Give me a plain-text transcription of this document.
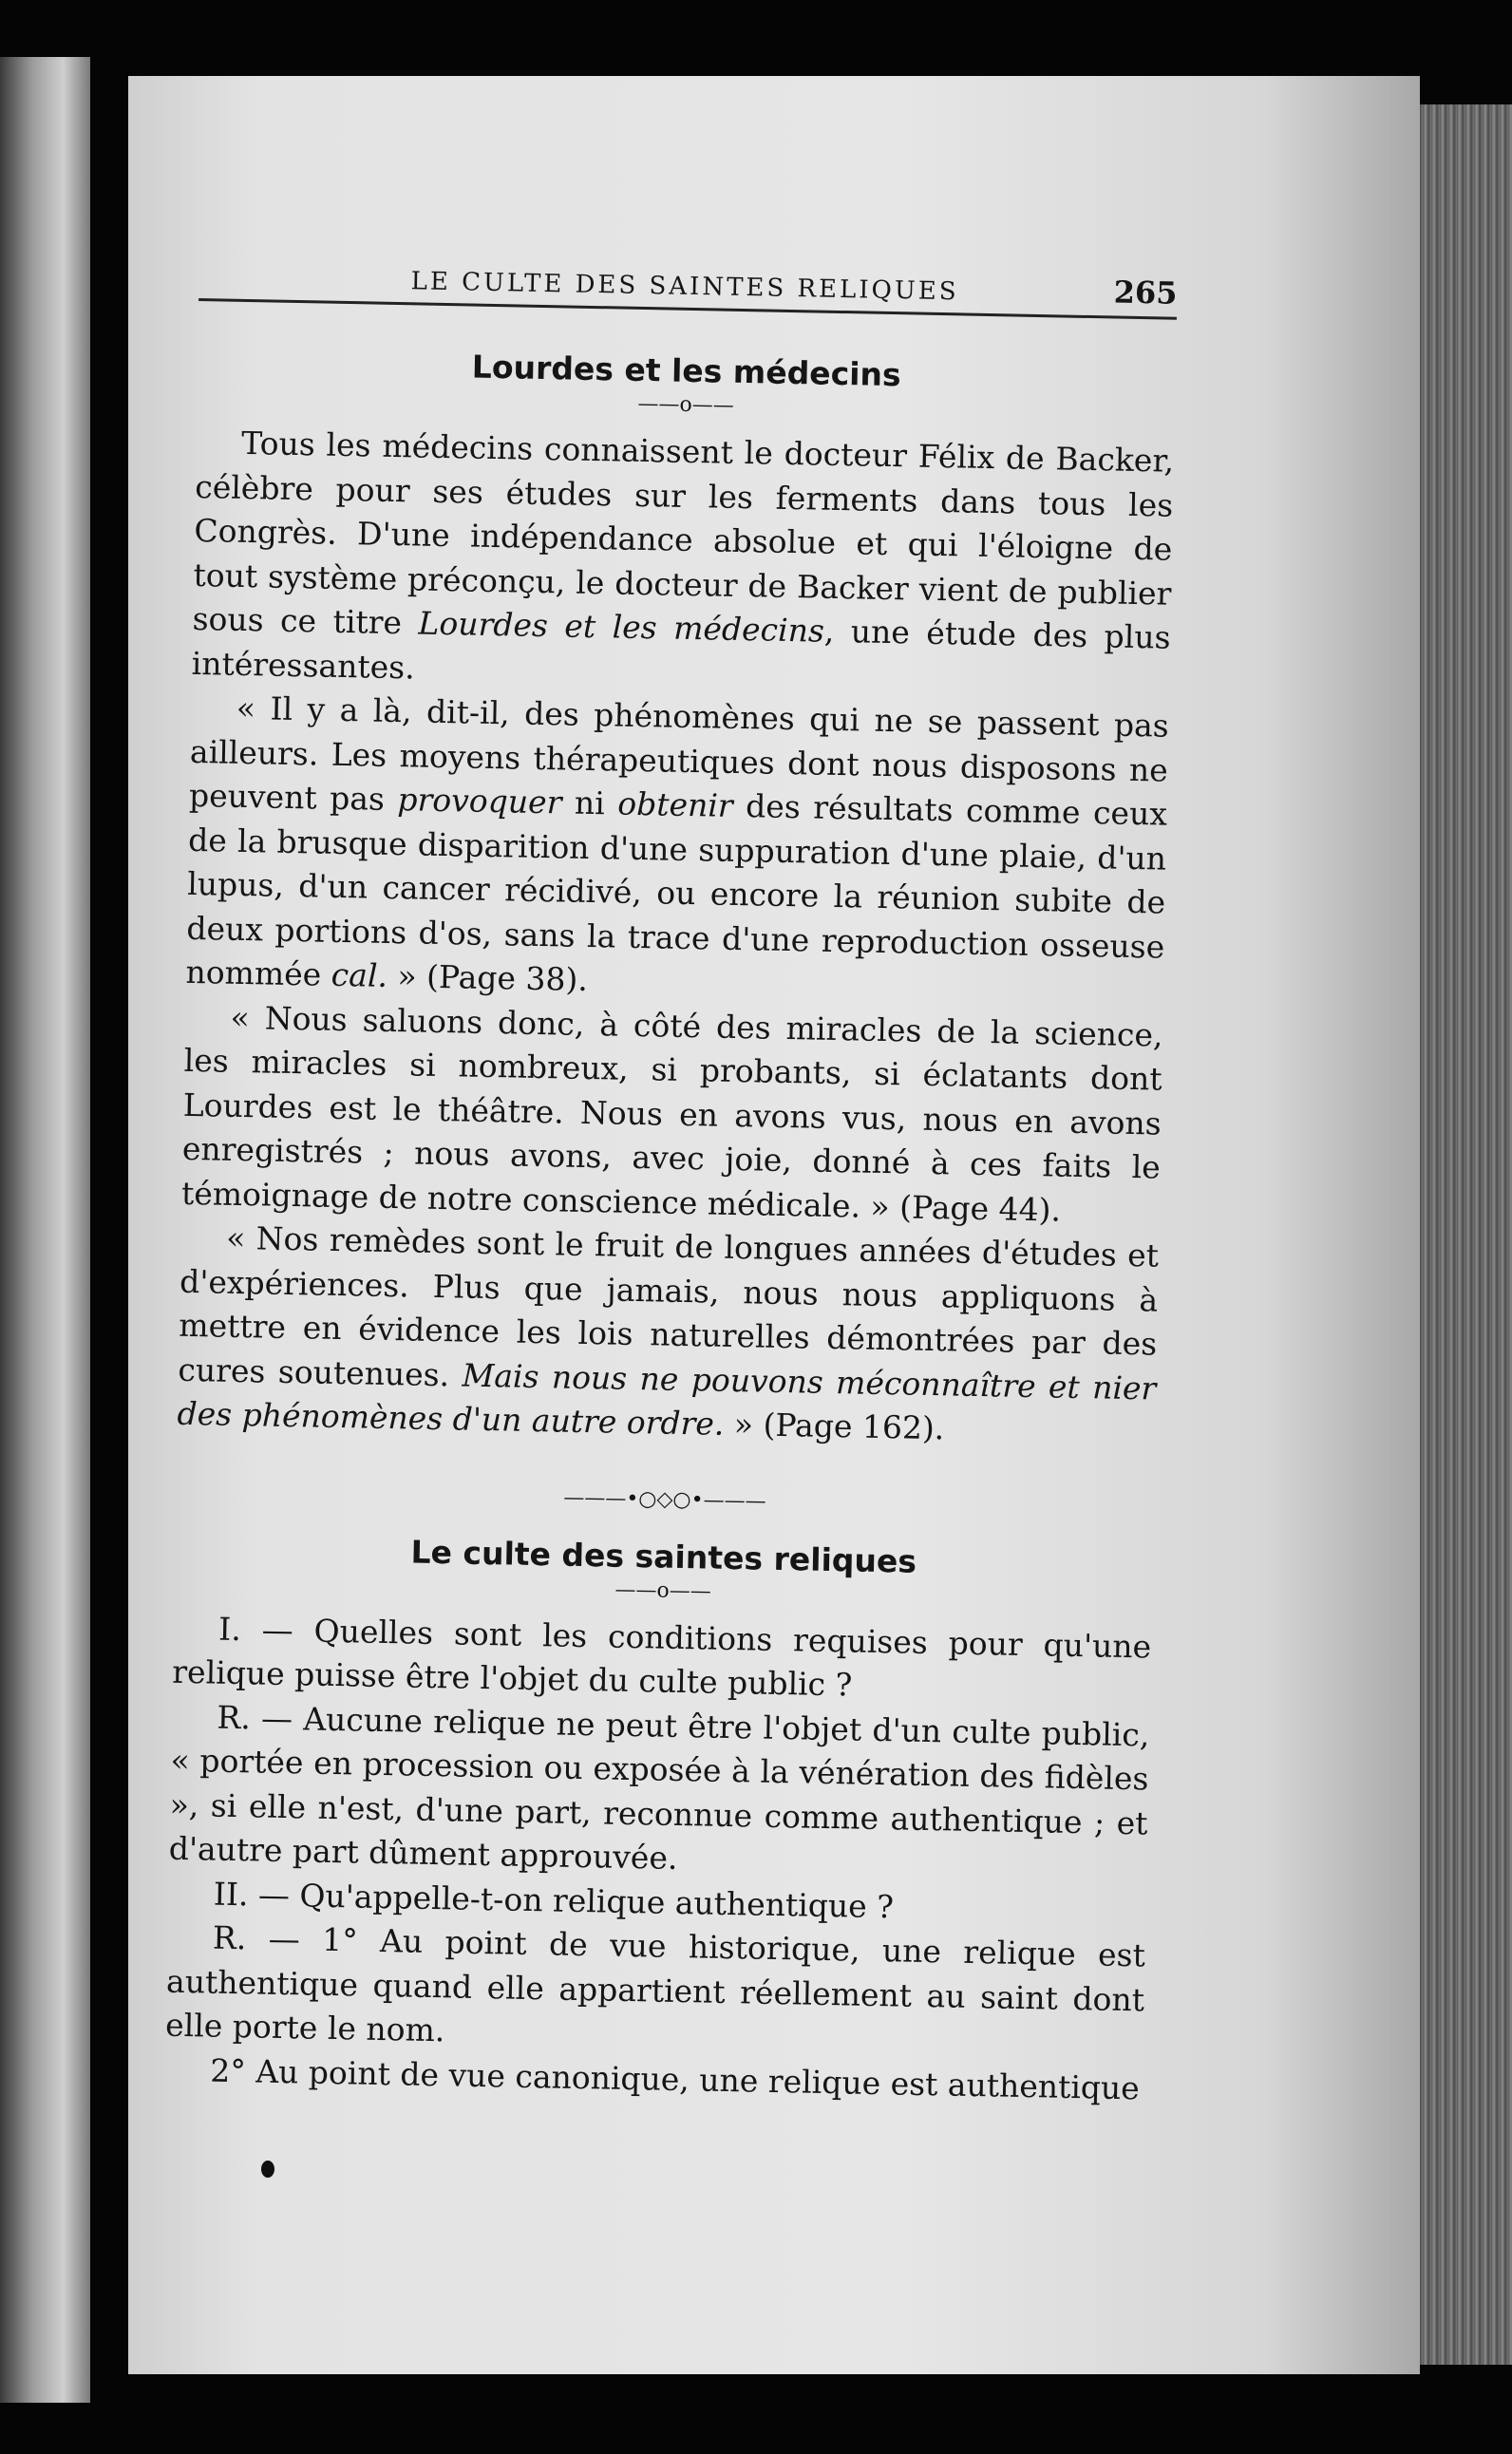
LE CULTE DES SAINTES RELIQUES	265
Lourdes et les médecins
——o——

Tous les médecins connaissent le docteur Félix de Backer, célèbre pour ses études sur les ferments dans tous les Congrès. D'une indépendance absolue et qui l'éloigne de tout système préconçu, le docteur de Backer vient de publier sous ce titre Lourdes et les médecins, une étude des plus intéressantes.

« Il y a là, dit-il, des phénomènes qui ne se passent pas ailleurs. Les moyens thérapeutiques dont nous disposons ne peuvent pas provoquer ni obtenir des résultats comme ceux de la brusque disparition d'une suppuration d'une plaie, d'un lupus, d'un cancer récidivé, ou encore la réunion subite de deux portions d'os, sans la trace d'une reproduction osseuse nommée cal. » (Page 38).

« Nous saluons donc, à côté des miracles de la science, les miracles si nombreux, si probants, si éclatants dont Lourdes est le théâtre. Nous en avons vus, nous en avons enregistrés ; nous avons, avec joie, donné à ces faits le témoignage de notre conscience médicale. » (Page 44).

« Nos remèdes sont le fruit de longues années d'études et d'expériences. Plus que jamais, nous nous appliquons à mettre en évidence les lois naturelles démontrées par des cures soutenues. Mais nous ne pouvons méconnaître et nier des phénomènes d'un autre ordre. » (Page 162).

———•○◇○•———
Le culte des saintes reliques
——o——

I. — Quelles sont les conditions requises pour qu'une relique puisse être l'objet du culte public ?

R. — Aucune relique ne peut être l'objet d'un culte public, « portée en procession ou exposée à la vénération des fidèles », si elle n'est, d'une part, reconnue comme authentique ; et d'autre part dûment approuvée.

II. — Qu'appelle-t-on relique authentique ?

R. — 1° Au point de vue historique, une relique est authentique quand elle appartient réellement au saint dont elle porte le nom.

2° Au point de vue canonique, une relique est authentique
